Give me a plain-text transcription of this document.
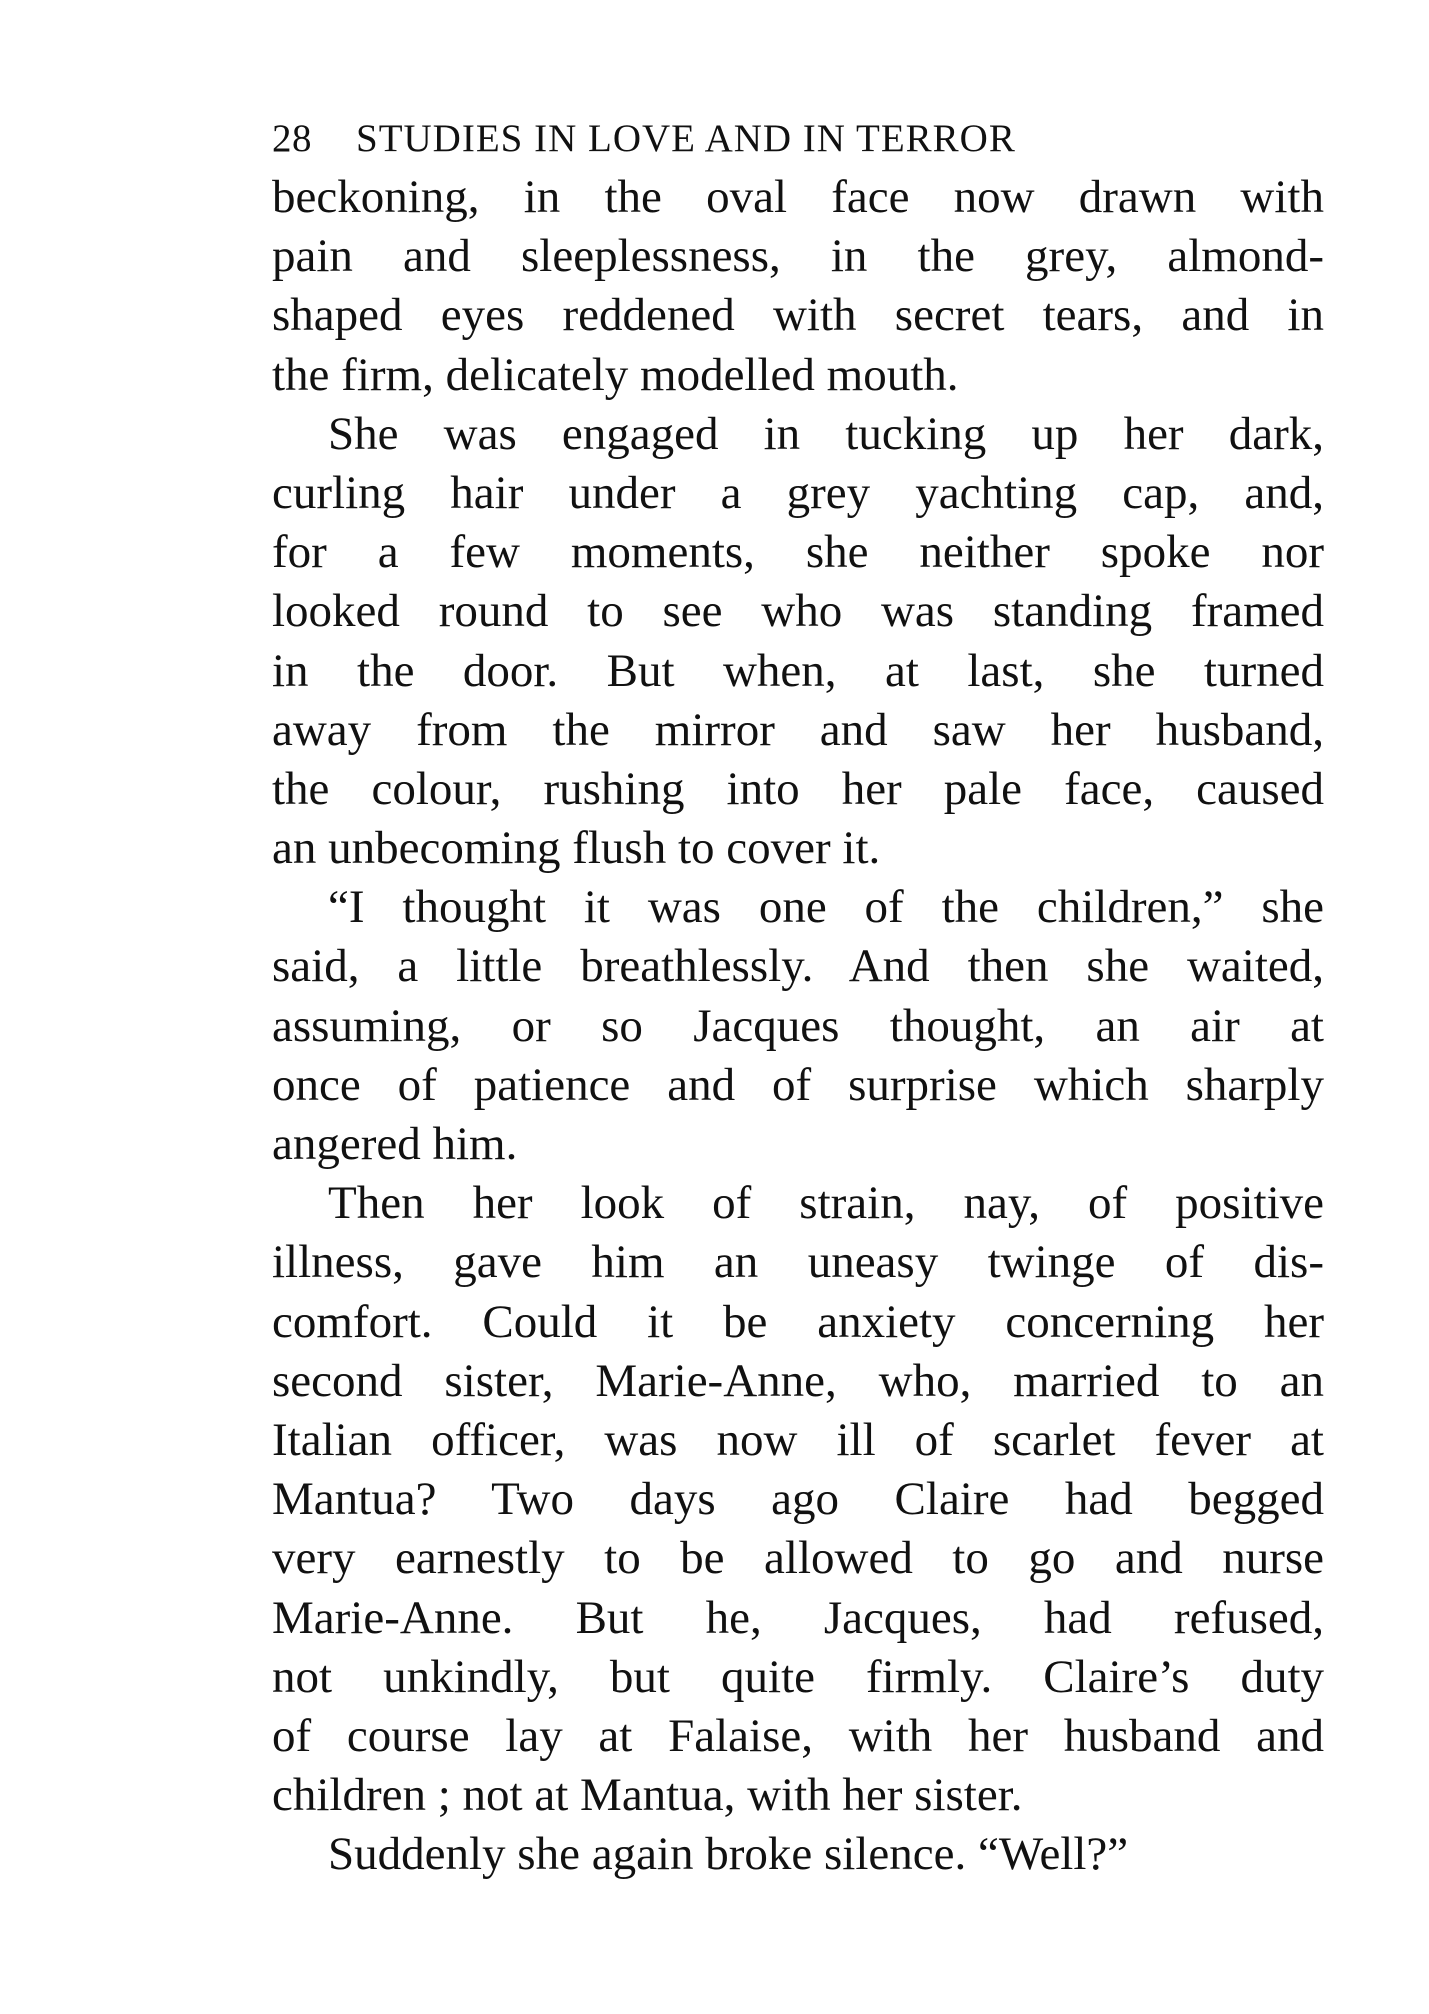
28 STUDIES IN LOVE AND IN TERROR
beckoning, in the oval face now drawn with
pain and sleeplessness, in the grey, almond-
shaped eyes reddened with secret tears, and in
the firm, delicately modelled mouth.
She was engaged in tucking up her dark,
curling hair under a grey yachting cap, and,
for a few moments, she neither spoke nor
looked round to see who was standing framed
in the door. But when, at last, she turned
away from the mirror and saw her husband,
the colour, rushing into her pale face, caused
an unbecoming flush to cover it.
“I thought it was one of the children,” she
said, a little breathlessly. And then she waited,
assuming, or so Jacques thought, an air at
once of patience and of surprise which sharply
angered him.
Then her look of strain, nay, of positive
illness, gave him an uneasy twinge of dis-
comfort. Could it be anxiety concerning her
second sister, Marie-Anne, who, married to an
Italian officer, was now ill of scarlet fever at
Mantua? Two days ago Claire had begged
very earnestly to be allowed to go and nurse
Marie-Anne. But he, Jacques, had refused,
not unkindly, but quite firmly. Claire’s duty
of course lay at Falaise, with her husband and
children ; not at Mantua, with her sister.
Suddenly she again broke silence. “Well?”
